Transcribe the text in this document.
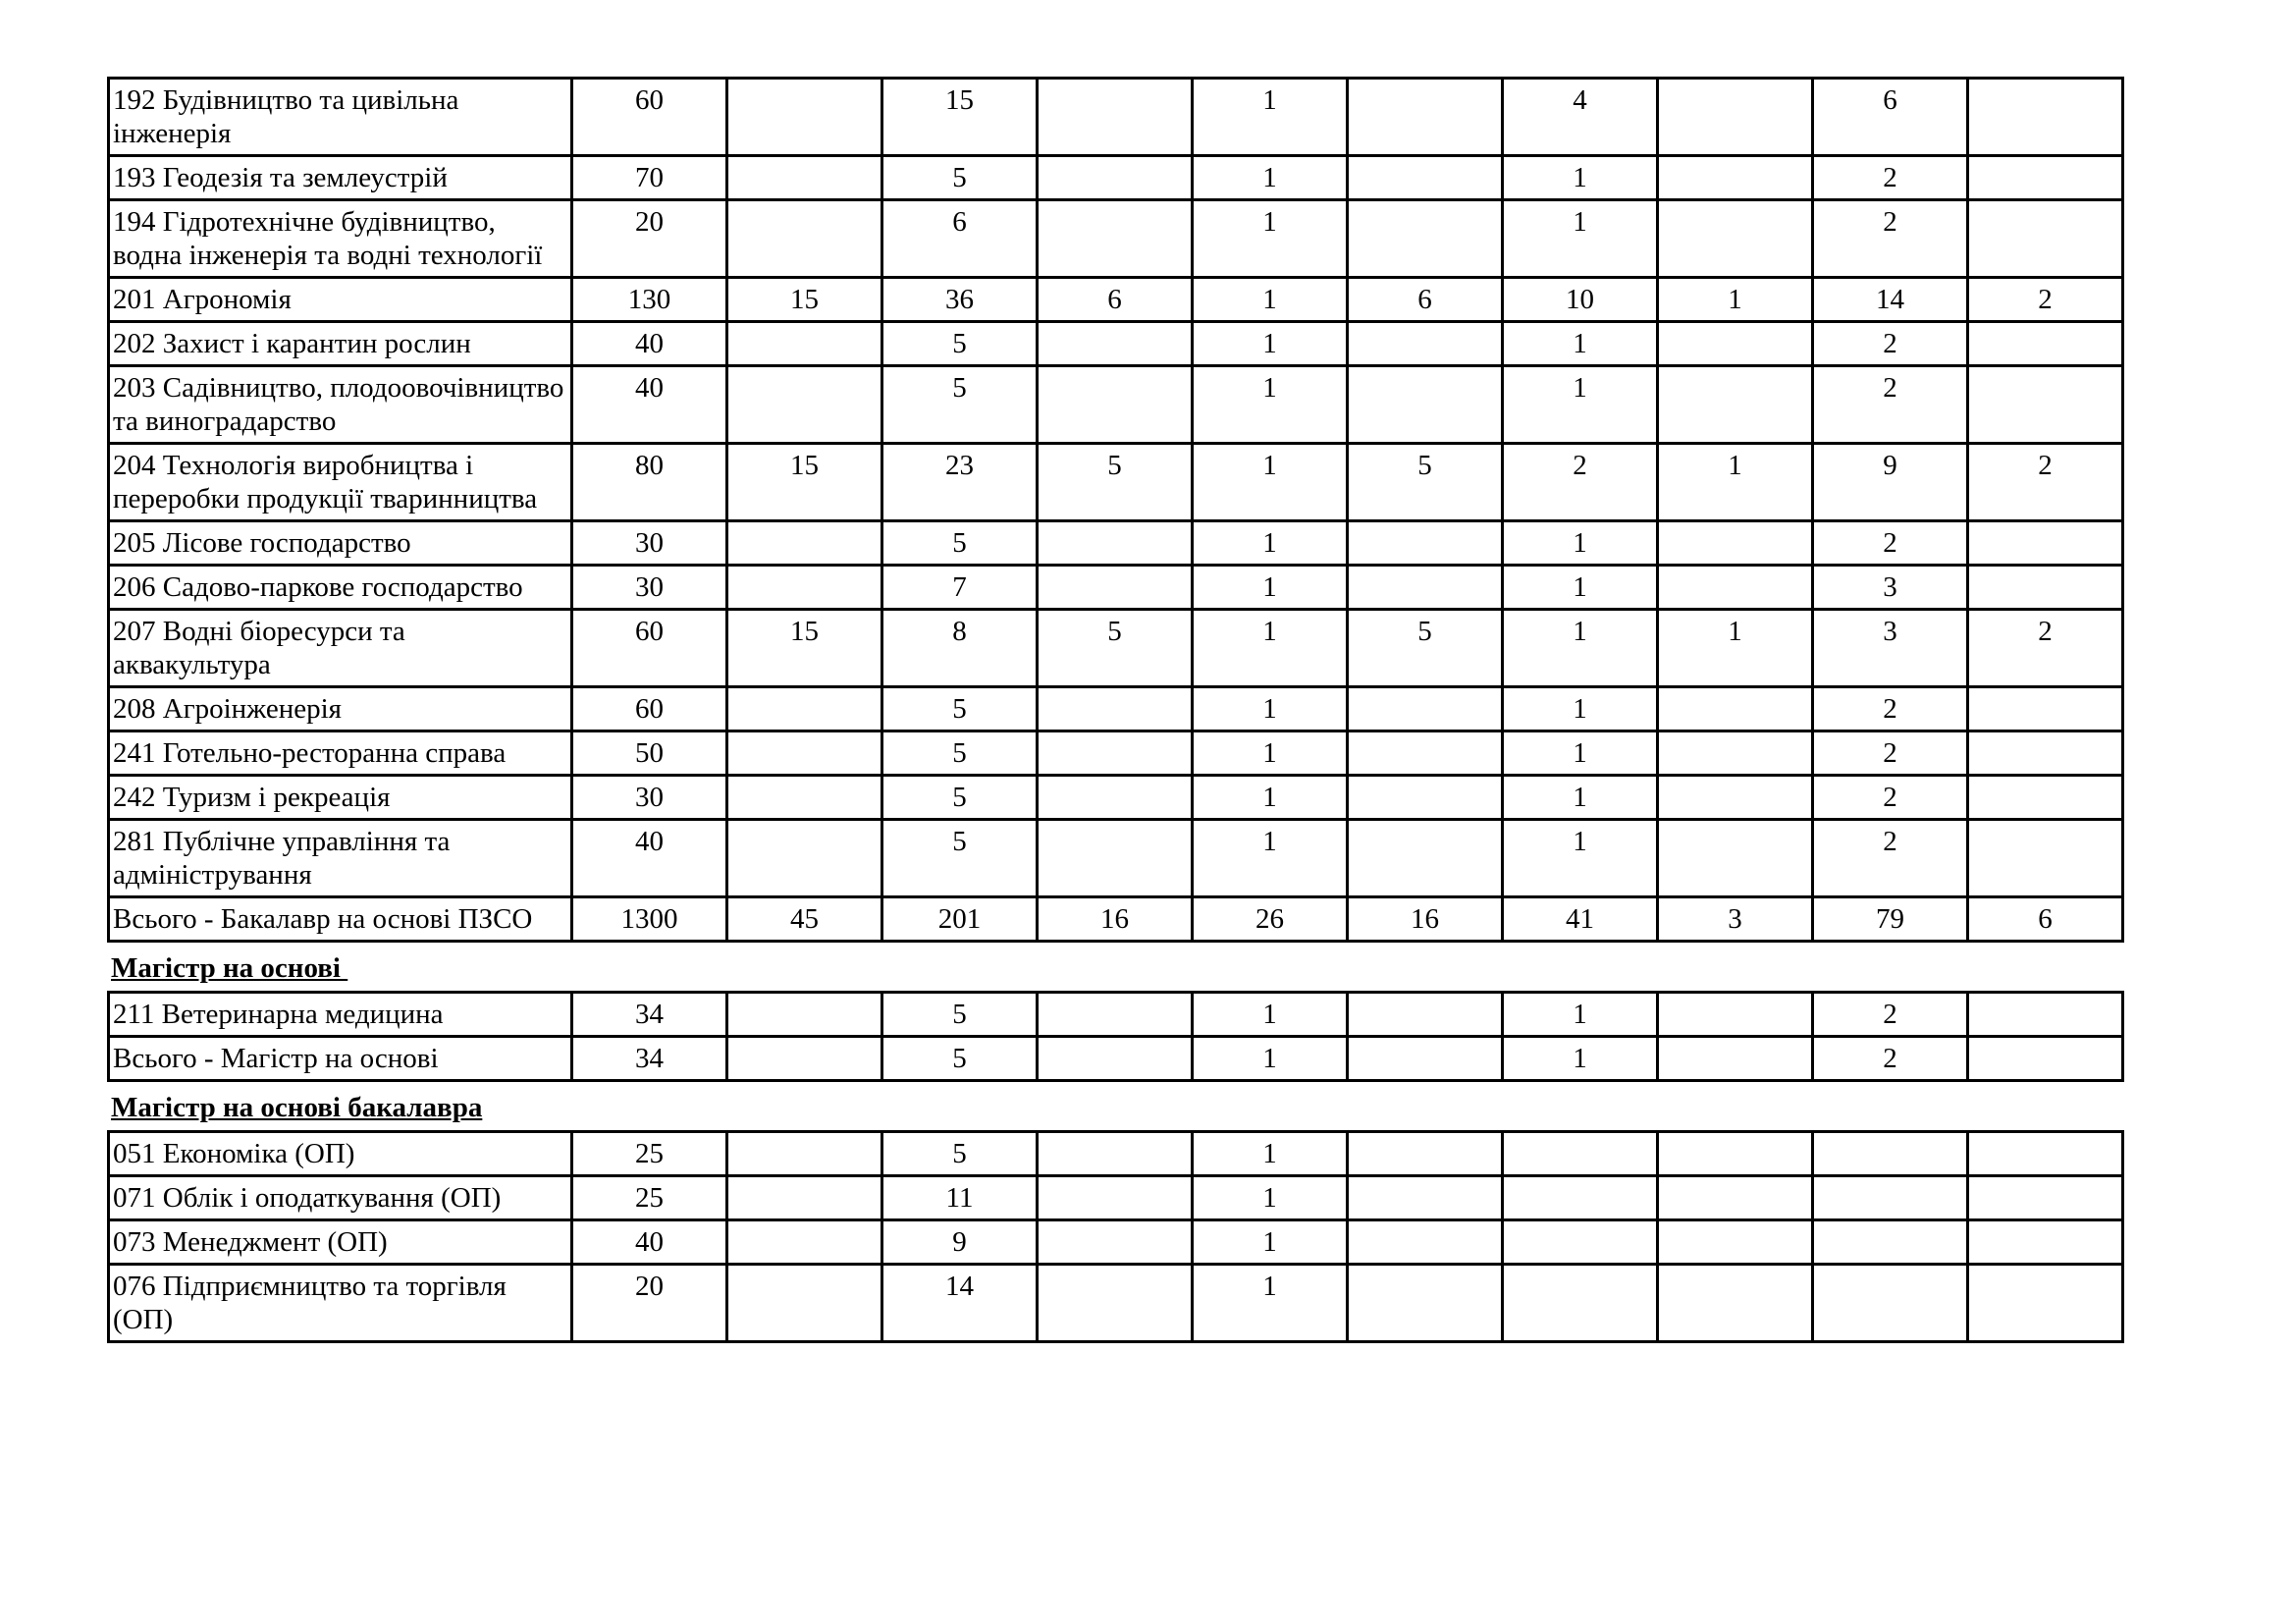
192 Будівництво та цивільна інженерія	60		15		1		4		6	
193 Геодезія та землеустрій	70		5		1		1		2	
194 Гідротехнічне будівництво, водна інженерія та водні технології	20		6		1		1		2	
201 Агрономія	130	15	36	6	1	6	10	1	14	2
202 Захист і карантин рослин	40		5		1		1		2	
203 Садівництво, плодоовочівництво та виноградарство	40		5		1		1		2	
204 Технологія виробництва і переробки продукції тваринництва	80	15	23	5	1	5	2	1	9	2
205 Лісове господарство	30		5		1		1		2	
206 Садово-паркове господарство	30		7		1		1		3	
207 Водні біоресурси та аквакультура	60	15	8	5	1	5	1	1	3	2
208 Агроінженерія	60		5		1		1		2	
241 Готельно-ресторанна справа	50		5		1		1		2	
242 Туризм і рекреація	30		5		1		1		2	
281 Публічне управління та адміністрування	40		5		1		1		2	
Всього - Бакалавр на основі ПЗСО	1300	45	201	16	26	16	41	3	79	6
Магістр на основі
211 Ветеринарна медицина	34		5		1		1		2	
Всього - Магістр на основі	34		5		1		1		2	
Магістр на основі бакалавра
051 Економіка (ОП)	25		5		1					
071 Облік і оподаткування (ОП)	25		11		1					
073 Менеджмент (ОП)	40		9		1					
076 Підприємництво та торгівля (ОП)	20		14		1					
